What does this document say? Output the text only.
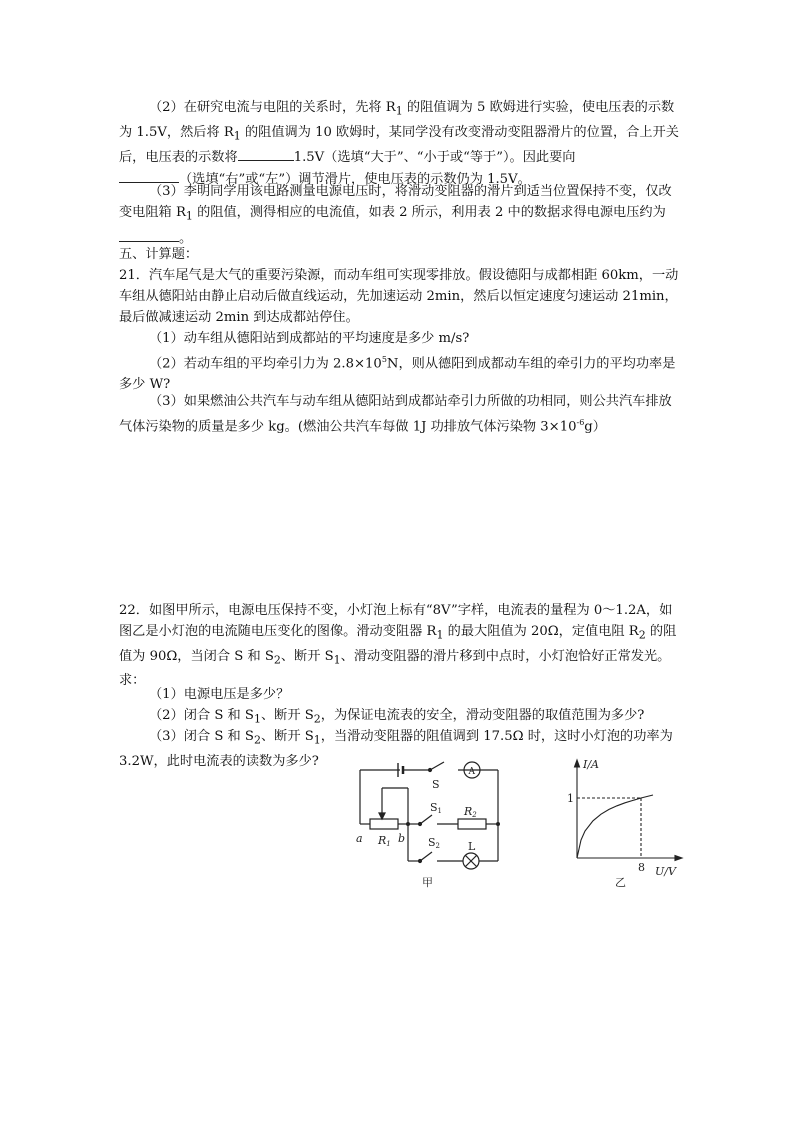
（2）在研究电流与电阻的关系时，先将 $R_1$ 的阻值调为 5 欧姆进行实验，使电压表的示数为 1.5V，然后将 $R_1$ 的阻值调为 10 欧姆时，某同学没有改变滑动变阻器滑片的位置，合上开关后，电压表的示数将	1.5V（选填“大于”、“小于或“等于”）。因此要向
（选填“右”或“左”）调节滑片，使电压表的示数仍为 1.5V。

（3）李明同学用该电路测量电源电压时，将滑动变阻器的滑片到适当位置保持不变，仅改变电阻箱 $R_1$ 的阻值，测得相应的电流值，如表 2 所示，利用表 2 中的数据求得电源电压约为。

五、计算题：

21．汽车尾气是大气的重要污染源，而动车组可实现零排放。假设德阳与成都相距 60km，一动车组从德阳站由静止启动后做直线运动，先加速运动 2min，然后以恒定速度匀速运动 21min，最后做减速运动 2min 到达成都站停住。

（1）动车组从德阳站到成都站的平均速度是多少 m/s?

（2）若动车组的平均牵引力为 $2.8\times 10^5N$，则从德阳到成都动车组的牵引力的平均功率是多少 W?

（3）如果燃油公共汽车与动车组从德阳站到成都站牵引力所做的功相同，则公共汽车排放气体污染物的质量是多少 kg。(燃油公共汽车每做 1J 功排放气体污染物 $3\times 10^{-6}g$）

22．如图甲所示，电源电压保持不变，小灯泡上标有“8V”字样，电流表的量程为 0～1.2A，如图乙是小灯泡的电流随电压变化的图像。滑动变阻器 $R_1$ 的最大阻值为 20Ω，定值电阻 $R_2$ 的阻值为 90Ω，当闭合 S 和 $S_2$、断开 $S_1$、滑动变阻器的滑片移到中点时，小灯泡恰好正常发光。求：

（1）电源电压是多少？

（2）闭合 S 和 $S_1$、断开 $S_2$，为保证电流表的安全，滑动变阻器的取值范围为多少?

（3）闭合 S 和 $S_2$、断开 $S_1$，当滑动变阻器的阻值调到 17.5Ω 时，这时小灯泡的功率为 3.2W，此时电流表的读数为多少?

S
A
S1 R2
S2	L
a	b
R1
甲
I/A
U/V
1
8
乙
